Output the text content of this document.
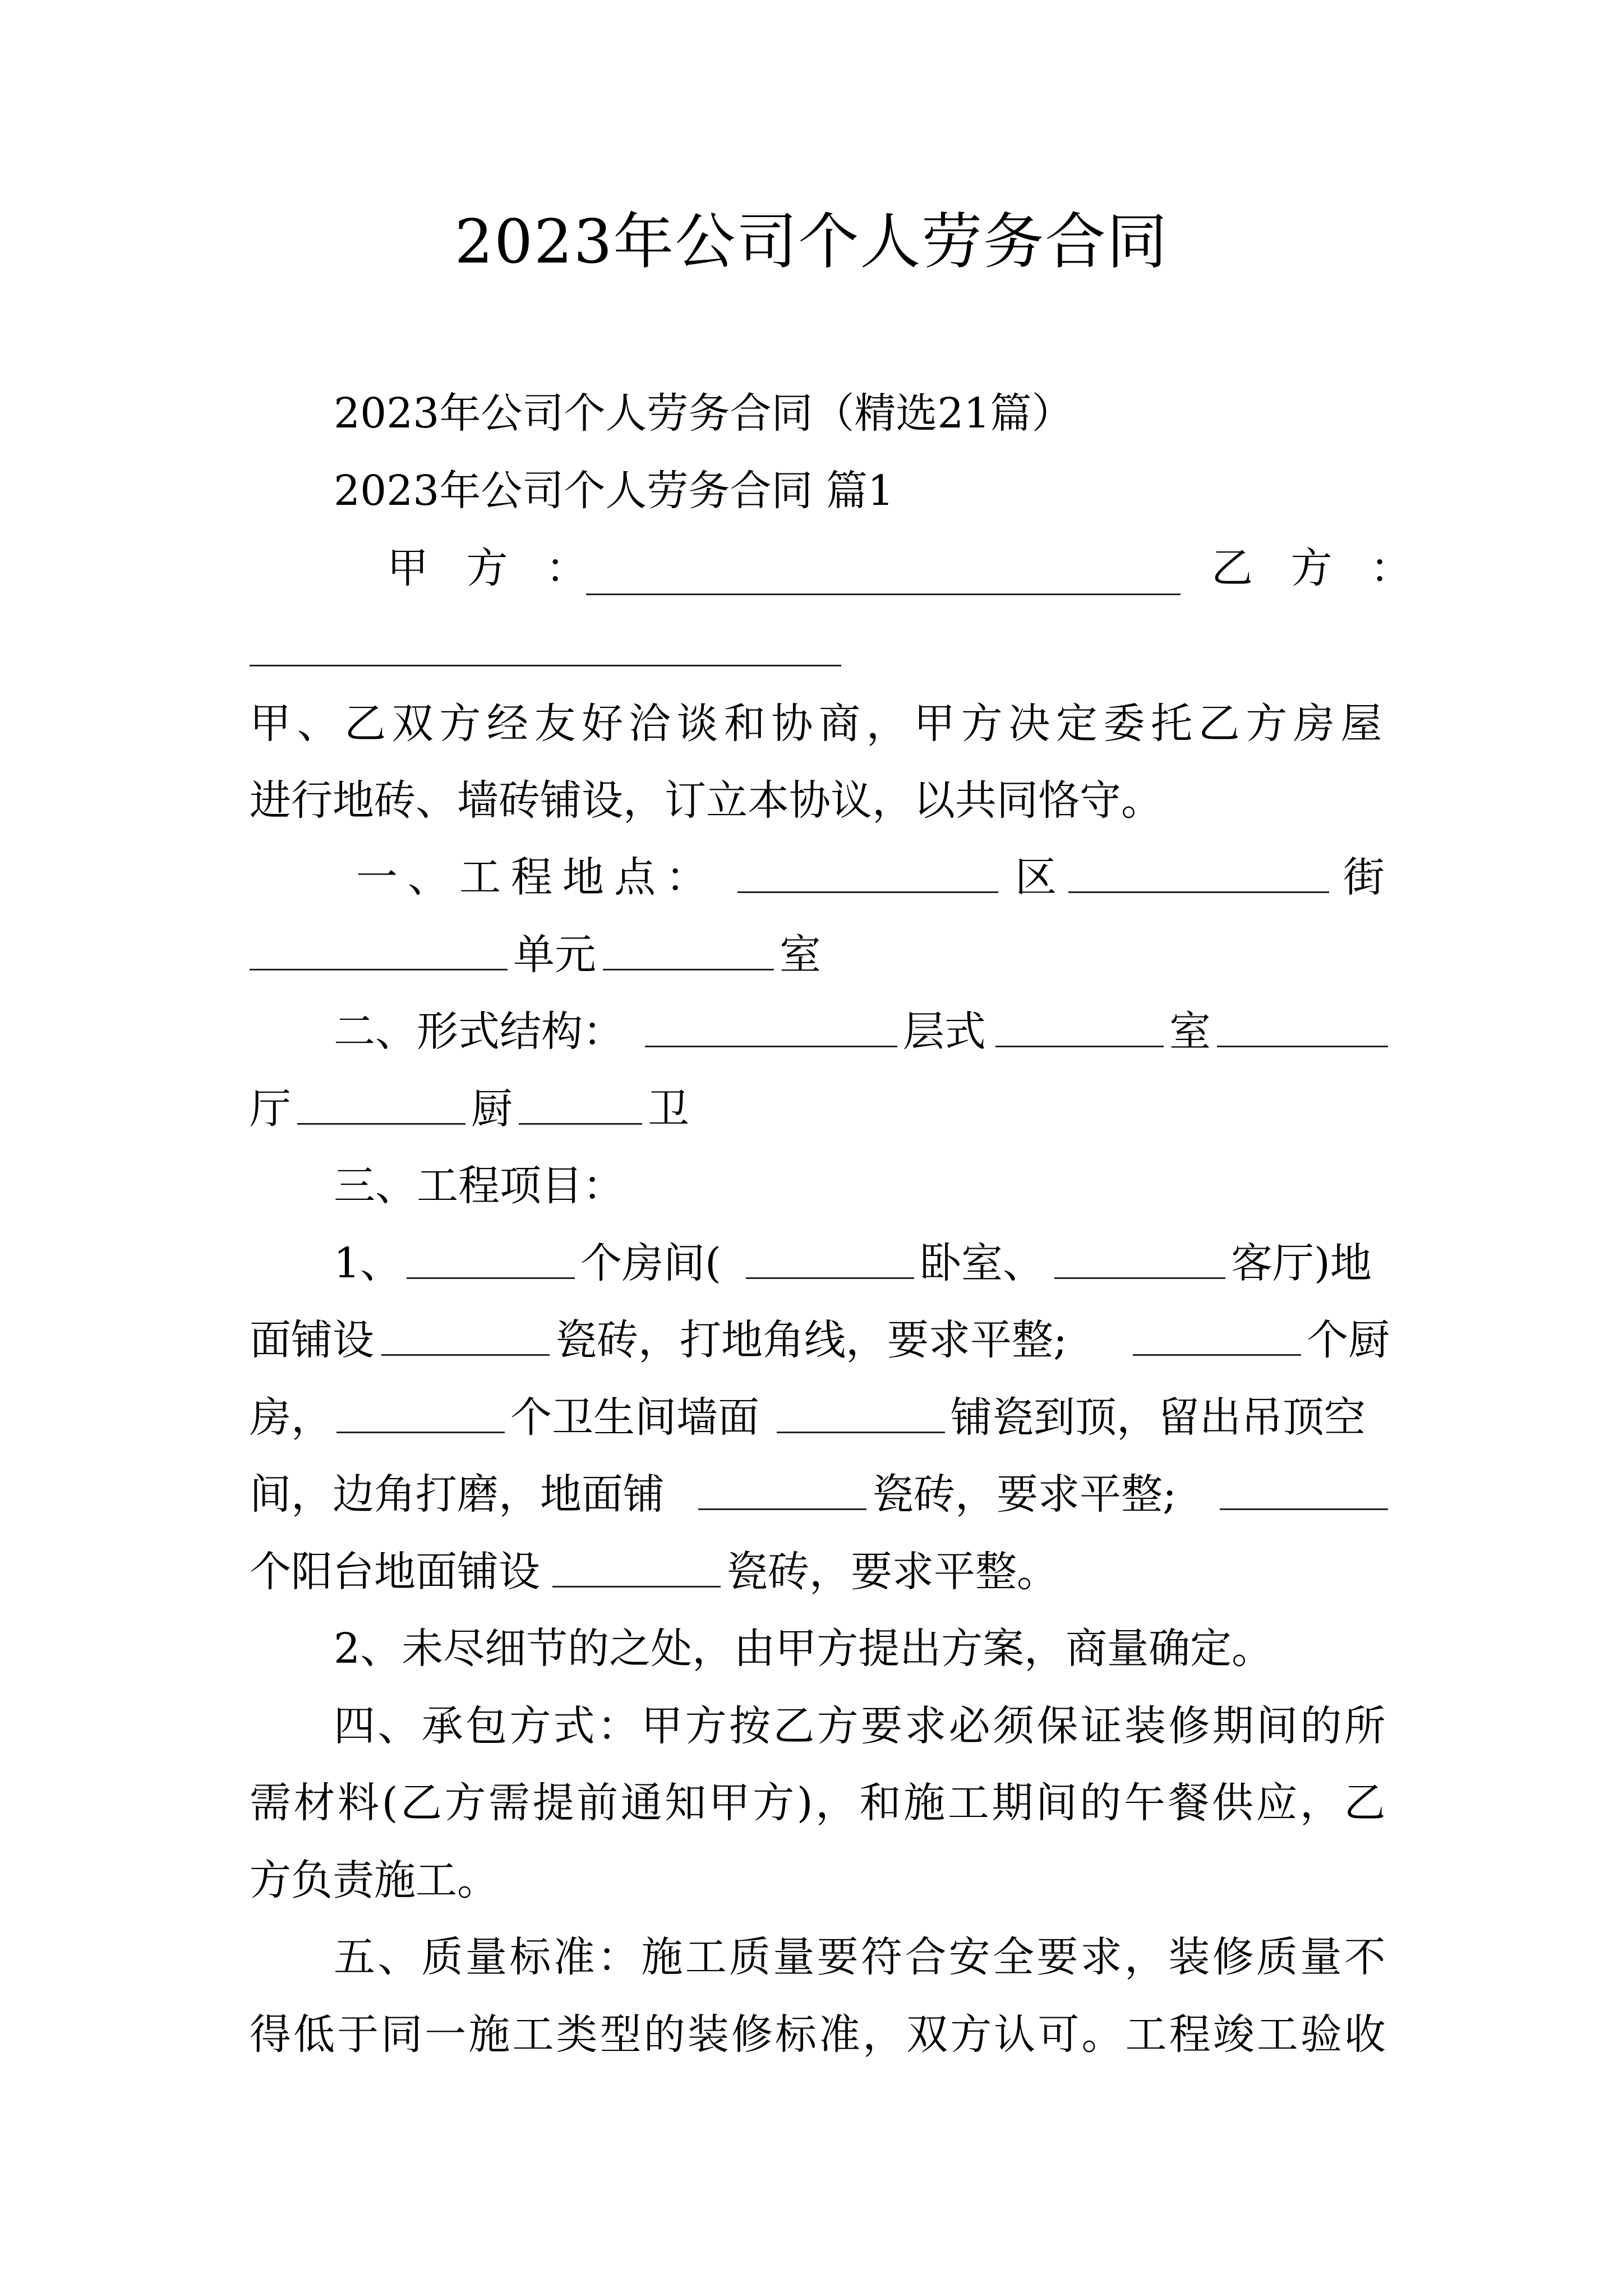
2023年公司个人劳务合同
2023年公司个人劳务合同（精选21篇）
2023年公司个人劳务合同 篇1
甲 方 ：	乙 方 ：
甲、乙双方经友好洽谈和协商，甲方决定委托乙方房屋
进行地砖、墙砖铺设，订立本协议，以共同恪守。
一、工程地点：	区	街
单元	室
二、形式结构：	层式	室
厅	厨	卫
三、工程项目：
1、	个房间(	卧室、	客厅)地
面铺设	瓷砖，打地角线，要求平整;	个厨
房，	个卫生间墙面	铺瓷到顶，留出吊顶空
间，边角打磨，地面铺	瓷砖，要求平整;
个阳台地面铺设	瓷砖，要求平整。
2、未尽细节的之处，由甲方提出方案，商量确定。
四、承包方式：甲方按乙方要求必须保证装修期间的所
需材料(乙方需提前通知甲方)，和施工期间的午餐供应，乙
方负责施工。
五、质量标准：施工质量要符合安全要求，装修质量不
得低于同一施工类型的装修标准，双方认可。工程竣工验收
